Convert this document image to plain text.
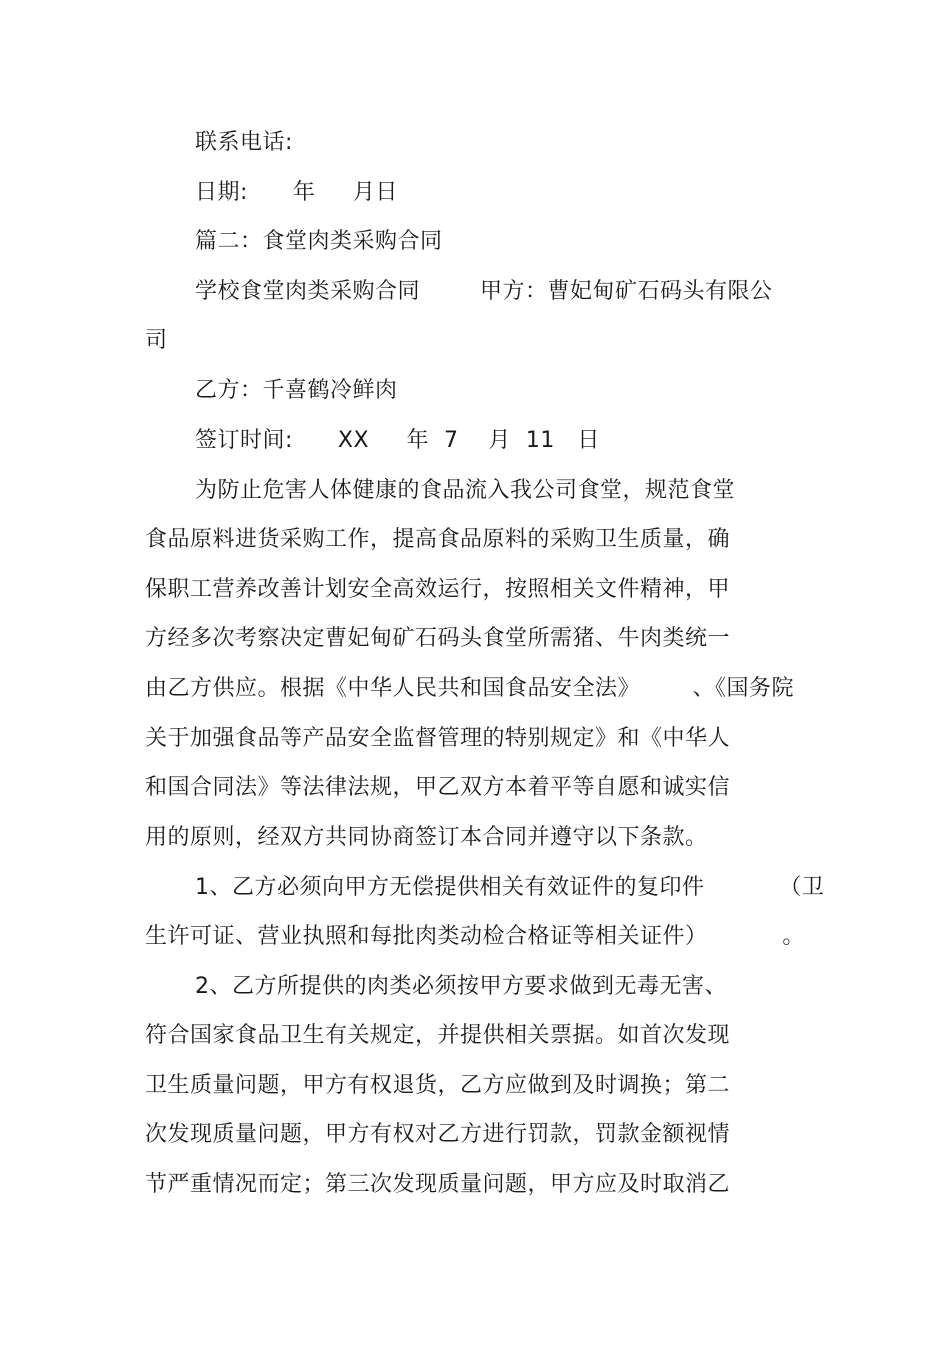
联系电话:
日期:      年     月日
篇二：食堂肉类采购合同
学校食堂肉类采购合同        甲方：曹妃甸矿石码头有限公
司
乙方：千喜鹤冷鲜肉
签订时间:      XX     年  7    月  11   日
为防止危害人体健康的食品流入我公司食堂，规范食堂
食品原料进货采购工作，提高食品原料的采购卫生质量，确
保职工营养改善计划安全高效运行，按照相关文件精神，甲
方经多次考察决定曹妃甸矿石码头食堂所需猪、牛肉类统一
由乙方供应。根据《中华人民共和国食品安全法》       、《国务院
关于加强食品等产品安全监督管理的特别规定》和《中华人
和国合同法》等法律法规，甲乙双方本着平等自愿和诚实信
用的原则，经双方共同协商签订本合同并遵守以下条款。
1、乙方必须向甲方无偿提供相关有效证件的复印件          （卫
生许可证、营业执照和每批肉类动检合格证等相关证件）          。
2、乙方所提供的肉类必须按甲方要求做到无毒无害、
符合国家食品卫生有关规定，并提供相关票据。如首次发现
卫生质量问题，甲方有权退货，乙方应做到及时调换；第二
次发现质量问题，甲方有权对乙方进行罚款，罚款金额视情
节严重情况而定；第三次发现质量问题，甲方应及时取消乙
